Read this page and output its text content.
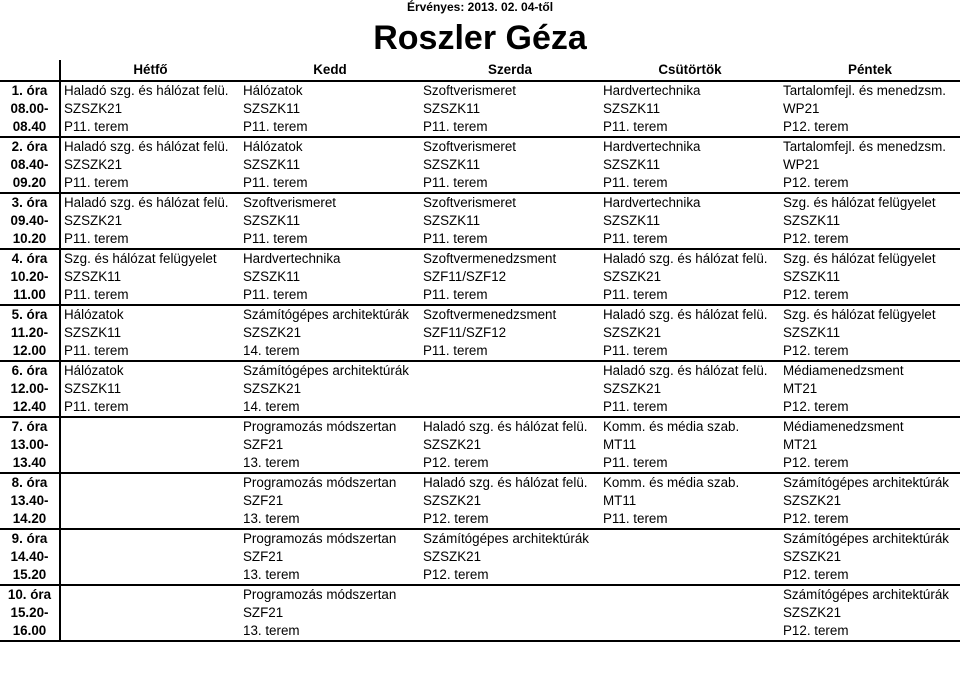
Érvényes: 2013. 02. 04-től
Roszler Géza
	Hétfő	Kedd	Szerda	Csütörtök	Péntek
1. óra	Haladó szg. és hálózat felü.	Hálózatok	Szoftverismeret	Hardvertechnika	Tartalomfejl. és menedzsm.
08.00-	SZSZK21	SZSZK11	SZSZK11	SZSZK11	WP21
08.40	P11. terem	P11. terem	P11. terem	P11. terem	P12. terem
2. óra	Haladó szg. és hálózat felü.	Hálózatok	Szoftverismeret	Hardvertechnika	Tartalomfejl. és menedzsm.
08.40-	SZSZK21	SZSZK11	SZSZK11	SZSZK11	WP21
09.20	P11. terem	P11. terem	P11. terem	P11. terem	P12. terem
3. óra	Haladó szg. és hálózat felü.	Szoftverismeret	Szoftverismeret	Hardvertechnika	Szg. és hálózat felügyelet
09.40-	SZSZK21	SZSZK11	SZSZK11	SZSZK11	SZSZK11
10.20	P11. terem	P11. terem	P11. terem	P11. terem	P12. terem
4. óra	Szg. és hálózat felügyelet	Hardvertechnika	Szoftvermenedzsment	Haladó szg. és hálózat felü.	Szg. és hálózat felügyelet
10.20-	SZSZK11	SZSZK11	SZF11/SZF12	SZSZK21	SZSZK11
11.00	P11. terem	P11. terem	P11. terem	P11. terem	P12. terem
5. óra	Hálózatok	Számítógépes architektúrák	Szoftvermenedzsment	Haladó szg. és hálózat felü.	Szg. és hálózat felügyelet
11.20-	SZSZK11	SZSZK21	SZF11/SZF12	SZSZK21	SZSZK11
12.00	P11. terem	14. terem	P11. terem	P11. terem	P12. terem
6. óra	Hálózatok	Számítógépes architektúrák		Haladó szg. és hálózat felü.	Médiamenedzsment
12.00-	SZSZK11	SZSZK21		SZSZK21	MT21
12.40	P11. terem	14. terem		P11. terem	P12. terem
7. óra		Programozás módszertan	Haladó szg. és hálózat felü.	Komm. és média szab.	Médiamenedzsment
13.00-		SZF21	SZSZK21	MT11	MT21
13.40		13. terem	P12. terem	P11. terem	P12. terem
8. óra		Programozás módszertan	Haladó szg. és hálózat felü.	Komm. és média szab.	Számítógépes architektúrák
13.40-		SZF21	SZSZK21	MT11	SZSZK21
14.20		13. terem	P12. terem	P11. terem	P12. terem
9. óra		Programozás módszertan	Számítógépes architektúrák		Számítógépes architektúrák
14.40-		SZF21	SZSZK21		SZSZK21
15.20		13. terem	P12. terem		P12. terem
10. óra		Programozás módszertan			Számítógépes architektúrák
15.20-		SZF21			SZSZK21
16.00		13. terem			P12. terem
